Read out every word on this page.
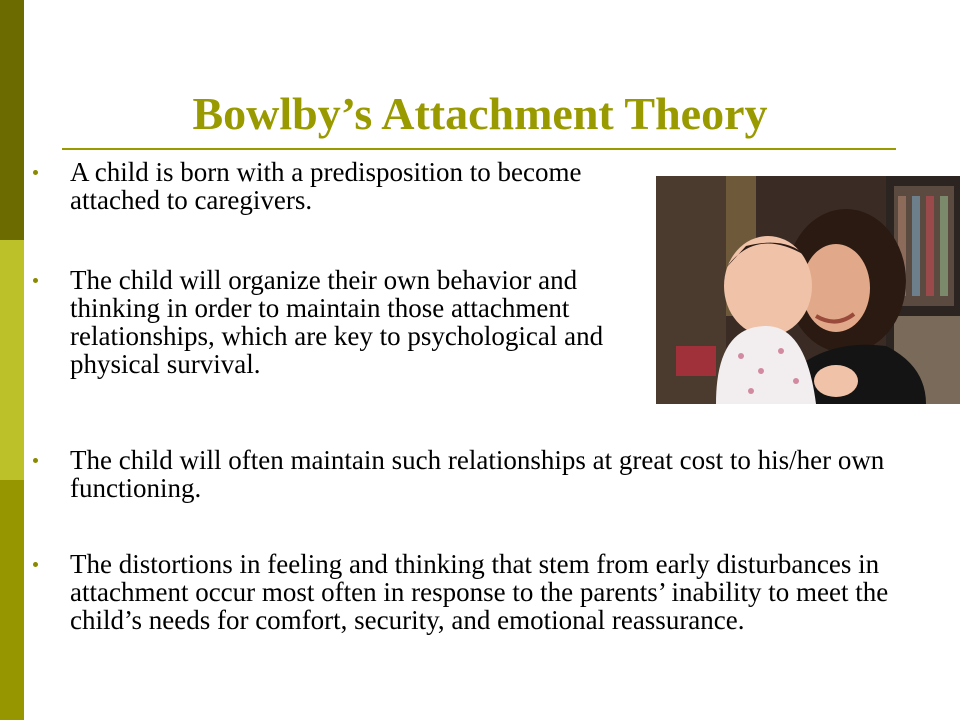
Bowlby’s Attachment Theory

A child is born with a predisposition to become attached to caregivers.

The child will organize their own behavior and thinking in order to maintain those attachment relationships, which are key to psychological and physical survival.

The child will often maintain such relationships at great cost to his/her own functioning.

The distortions in feeling and thinking that stem from early disturbances in attachment occur most often in response to the parents’ inability to meet the child’s needs for comfort, security, and emotional reassurance.
